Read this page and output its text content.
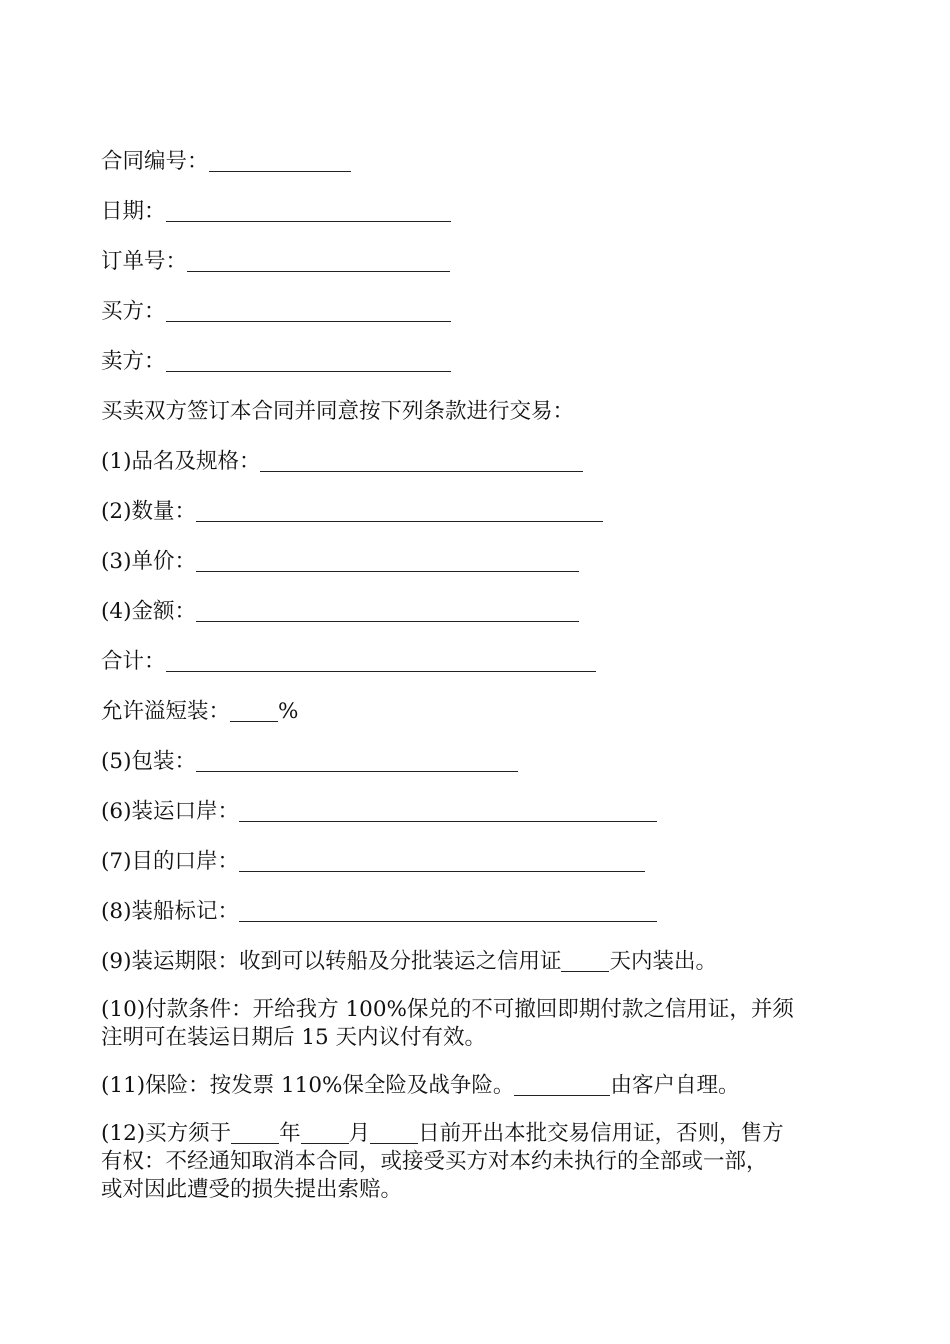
合同编号：
日期：
订单号：
买方：
卖方：
买卖双方签订本合同并同意按下列条款进行交易：
(1)品名及规格：
(2)数量：
(3)单价：
(4)金额：
合计：
允许溢短装： %
(5)包装：
(6)装运口岸：
(7)目的口岸：
(8)装船标记：
(9)装运期限：收到可以转船及分批装运之信用证 天内装出。
(10)付款条件：开给我方 100%保兑的不可撤回即期付款之信用证，并须
注明可在装运日期后 15 天内议付有效。
(11)保险：按发票 110%保全险及战争险。	由客户自理。
(12)买方须于 年 月 日前开出本批交易信用证，否则，售方
有权：不经通知取消本合同，或接受买方对本约未执行的全部或一部，
或对因此遭受的损失提出索赔。
